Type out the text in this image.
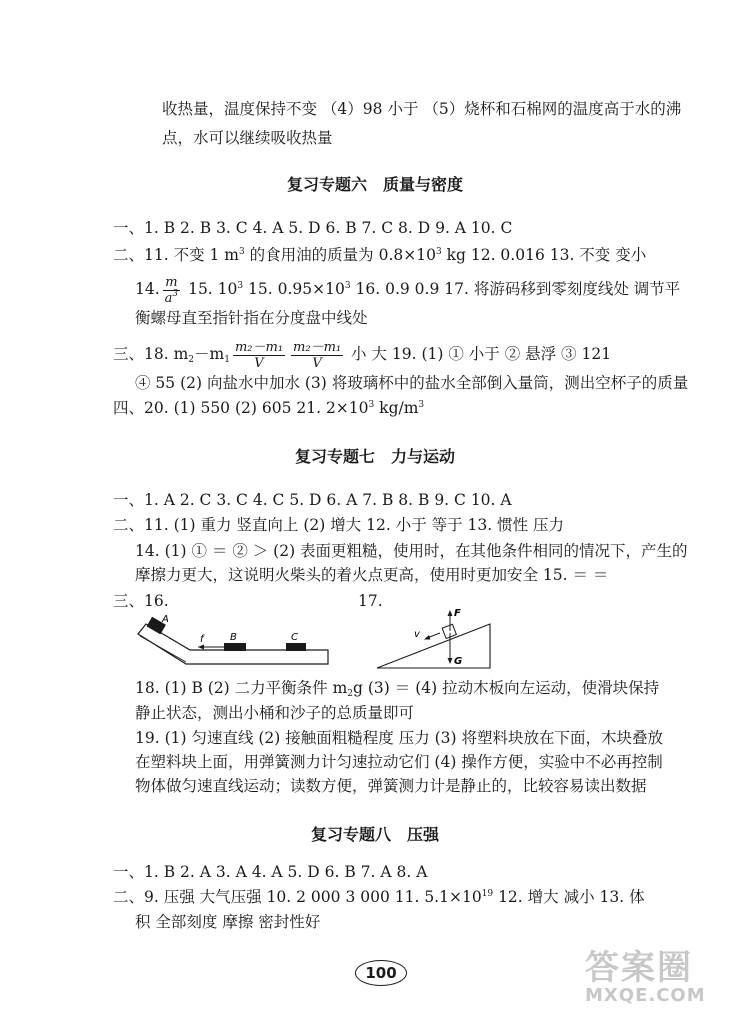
收热量，温度保持不变 （4）98 小于 （5）烧杯和石棉网的温度高于水的沸
点，水可以继续吸收热量
复习专题六 质量与密度
一、1. B 2. B 3. C 4. A 5. D 6. B 7. C 8. D 9. A 10. C
二、11. 不变 1 $m^3$ 的食用油的质量为 $0.8\times 10^3$ kg 12. 0.016 13. 不变 变小
14. $\frac{m}{a^3} 15$. $10^3$ 15. $0.95\times 10^3$ 16. 0.9 0.9 17. 将游码移到零刻度线处 调节平
衡螺母直至指针指在分度盘中线处
三、18. $m_2-m_1 \frac{\text{m₂－m₁}}{V} \frac{\text{m₂－m₁}}{V}$ 小 大 19. (1) ① 小于 ② 悬浮 ③ 121
④ 55 (2) 向盐水中加水 (3) 将玻璃杯中的盐水全部倒入量筒，测出空杯子的质量
四、20. (1) 550 (2) 605 21. $2\times 10^3$ $kg/m^3$
复习专题七 力与运动
一、1. A 2. C 3. C 4. C 5. D 6. A 7. B 8. B 9. C 10. A
二、11. (1) 重力 竖直向上 (2) 增大 12. 小于 等于 13. 惯性 压力
14. (1) ① ＝ ② ＞ (2) 表面更粗糙，使用时，在其他条件相同的情况下，产生的
摩擦力更大，这说明火柴头的着火点更高，使用时更加安全 15. ＝ ＝
三、16.	17.
A
B
f	C
F
G
v
18. (1) B (2) 二力平衡条件 $m_2g$ (3) ＝ (4) 拉动木板向左运动，使滑块保持
静止状态，测出小桶和沙子的总质量即可
19. (1) 匀速直线 (2) 接触面粗糙程度 压力 (3) 将塑料块放在下面，木块叠放
在塑料块上面，用弹簧测力计匀速拉动它们 (4) 操作方便，实验中不必再控制
物体做匀速直线运动；读数方便，弹簧测力计是静止的，比较容易读出数据
复习专题八 压强
一、1. B 2. A 3. A 4. A 5. D 6. B 7. A 8. A
二、9. 压强 大气压强 10. 2 000 3 000 11. $5.1\times 10^{19}$ 12. 增大 减小 13. 体
积 全部刻度 摩擦 密封性好
100	答案圈
MXQE.COM
